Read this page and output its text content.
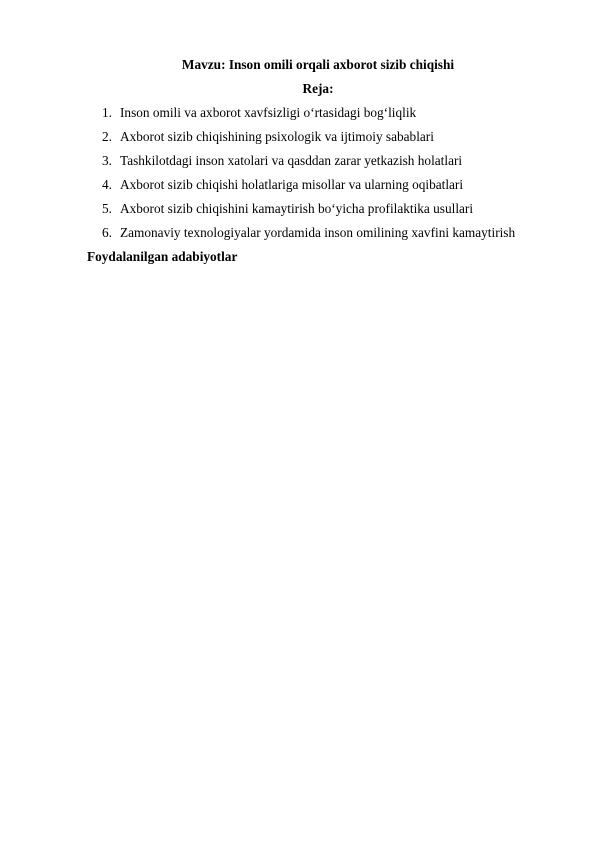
Mavzu: Inson omili orqali axborot sizib chiqishi
Reja:
1. Inson omili va axborot xavfsizligi o‘rtasidagi bog‘liqlik
2. Axborot sizib chiqishining psixologik va ijtimoiy sabablari
3. Tashkilotdagi inson xatolari va qasddan zarar yetkazish holatlari
4. Axborot sizib chiqishi holatlariga misollar va ularning oqibatlari
5. Axborot sizib chiqishini kamaytirish bo‘yicha profilaktika usullari
6. Zamonaviy texnologiyalar yordamida inson omilining xavfini kamaytirish
Foydalanilgan adabiyotlar
